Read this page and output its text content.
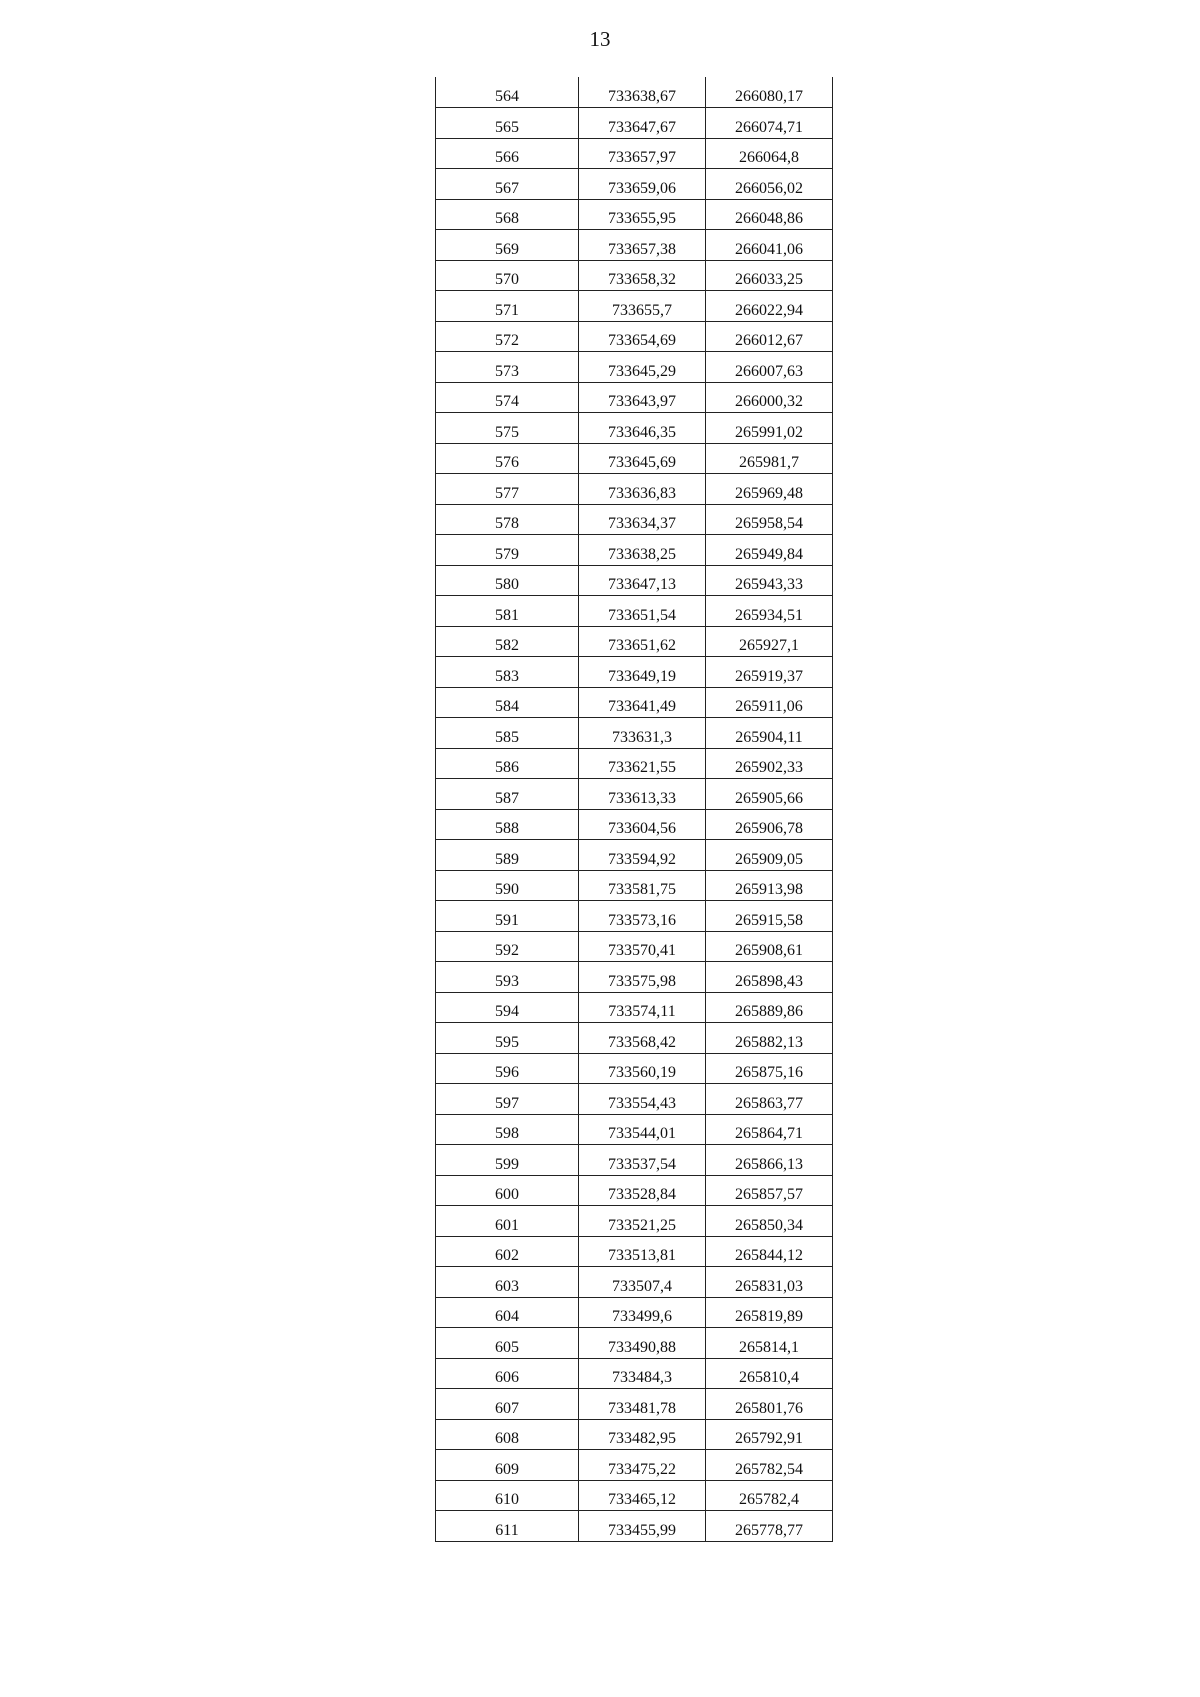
13
564	733638,67	266080,17
565	733647,67	266074,71
566	733657,97	266064,8
567	733659,06	266056,02
568	733655,95	266048,86
569	733657,38	266041,06
570	733658,32	266033,25
571	733655,7	266022,94
572	733654,69	266012,67
573	733645,29	266007,63
574	733643,97	266000,32
575	733646,35	265991,02
576	733645,69	265981,7
577	733636,83	265969,48
578	733634,37	265958,54
579	733638,25	265949,84
580	733647,13	265943,33
581	733651,54	265934,51
582	733651,62	265927,1
583	733649,19	265919,37
584	733641,49	265911,06
585	733631,3	265904,11
586	733621,55	265902,33
587	733613,33	265905,66
588	733604,56	265906,78
589	733594,92	265909,05
590	733581,75	265913,98
591	733573,16	265915,58
592	733570,41	265908,61
593	733575,98	265898,43
594	733574,11	265889,86
595	733568,42	265882,13
596	733560,19	265875,16
597	733554,43	265863,77
598	733544,01	265864,71
599	733537,54	265866,13
600	733528,84	265857,57
601	733521,25	265850,34
602	733513,81	265844,12
603	733507,4	265831,03
604	733499,6	265819,89
605	733490,88	265814,1
606	733484,3	265810,4
607	733481,78	265801,76
608	733482,95	265792,91
609	733475,22	265782,54
610	733465,12	265782,4
611	733455,99	265778,77
